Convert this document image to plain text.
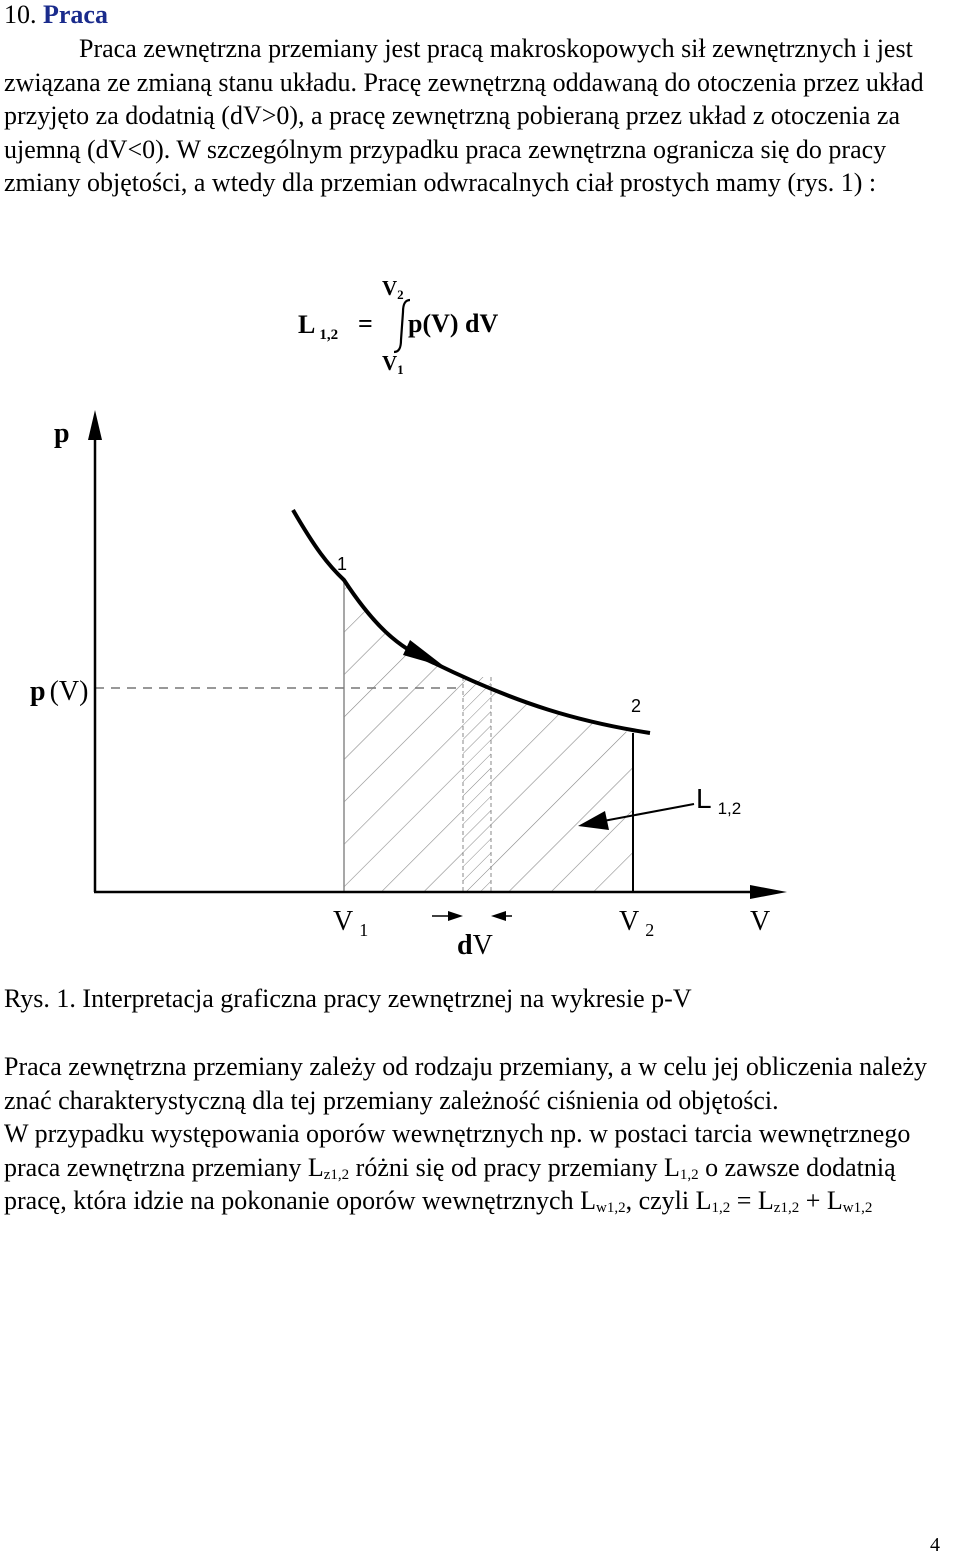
10. Praca

Praca zewnętrzna przemiany jest pracą makroskopowych sił zewnętrznych i jest związana ze zmianą stanu układu. Pracę zewnętrzną oddawaną do otoczenia przez układ przyjęto za dodatnią (dV>0), a pracę zewnętrzną pobieraną przez układ z otoczenia za ujemną (dV<0). W szczególnym przypadku praca zewnętrzna ogranicza się do pracy zmiany objętości, a wtedy dla przemian odwracalnych ciał prostych mamy (rys. 1) :

L $_{1,2}$ =
V2
V1
p(V) dV
p
1
2
p (V)
L $_{1,2}$
V $_1$	V $_2$	V
dV
Rys. 1. Interpretacja graficzna pracy zewnętrznej na wykresie p-V
Praca zewnętrzna przemiany zależy od rodzaju przemiany, a w celu jej obliczenia należy znać charakterystyczną dla tej przemiany zależność ciśnienia od objętości.
W przypadku występowania oporów wewnętrznych np. w postaci tarcia wewnętrznego praca zewnętrzna przemiany $L_{z1,2}$ różni się od pracy przemiany $L_{1,2}$ o zawsze dodatnią pracę, która idzie na pokonanie oporów wewnętrznych $L_{w1,2}$, czyli $L_{1,2} = L_{z1,2} + L_{w1,2}$
4
